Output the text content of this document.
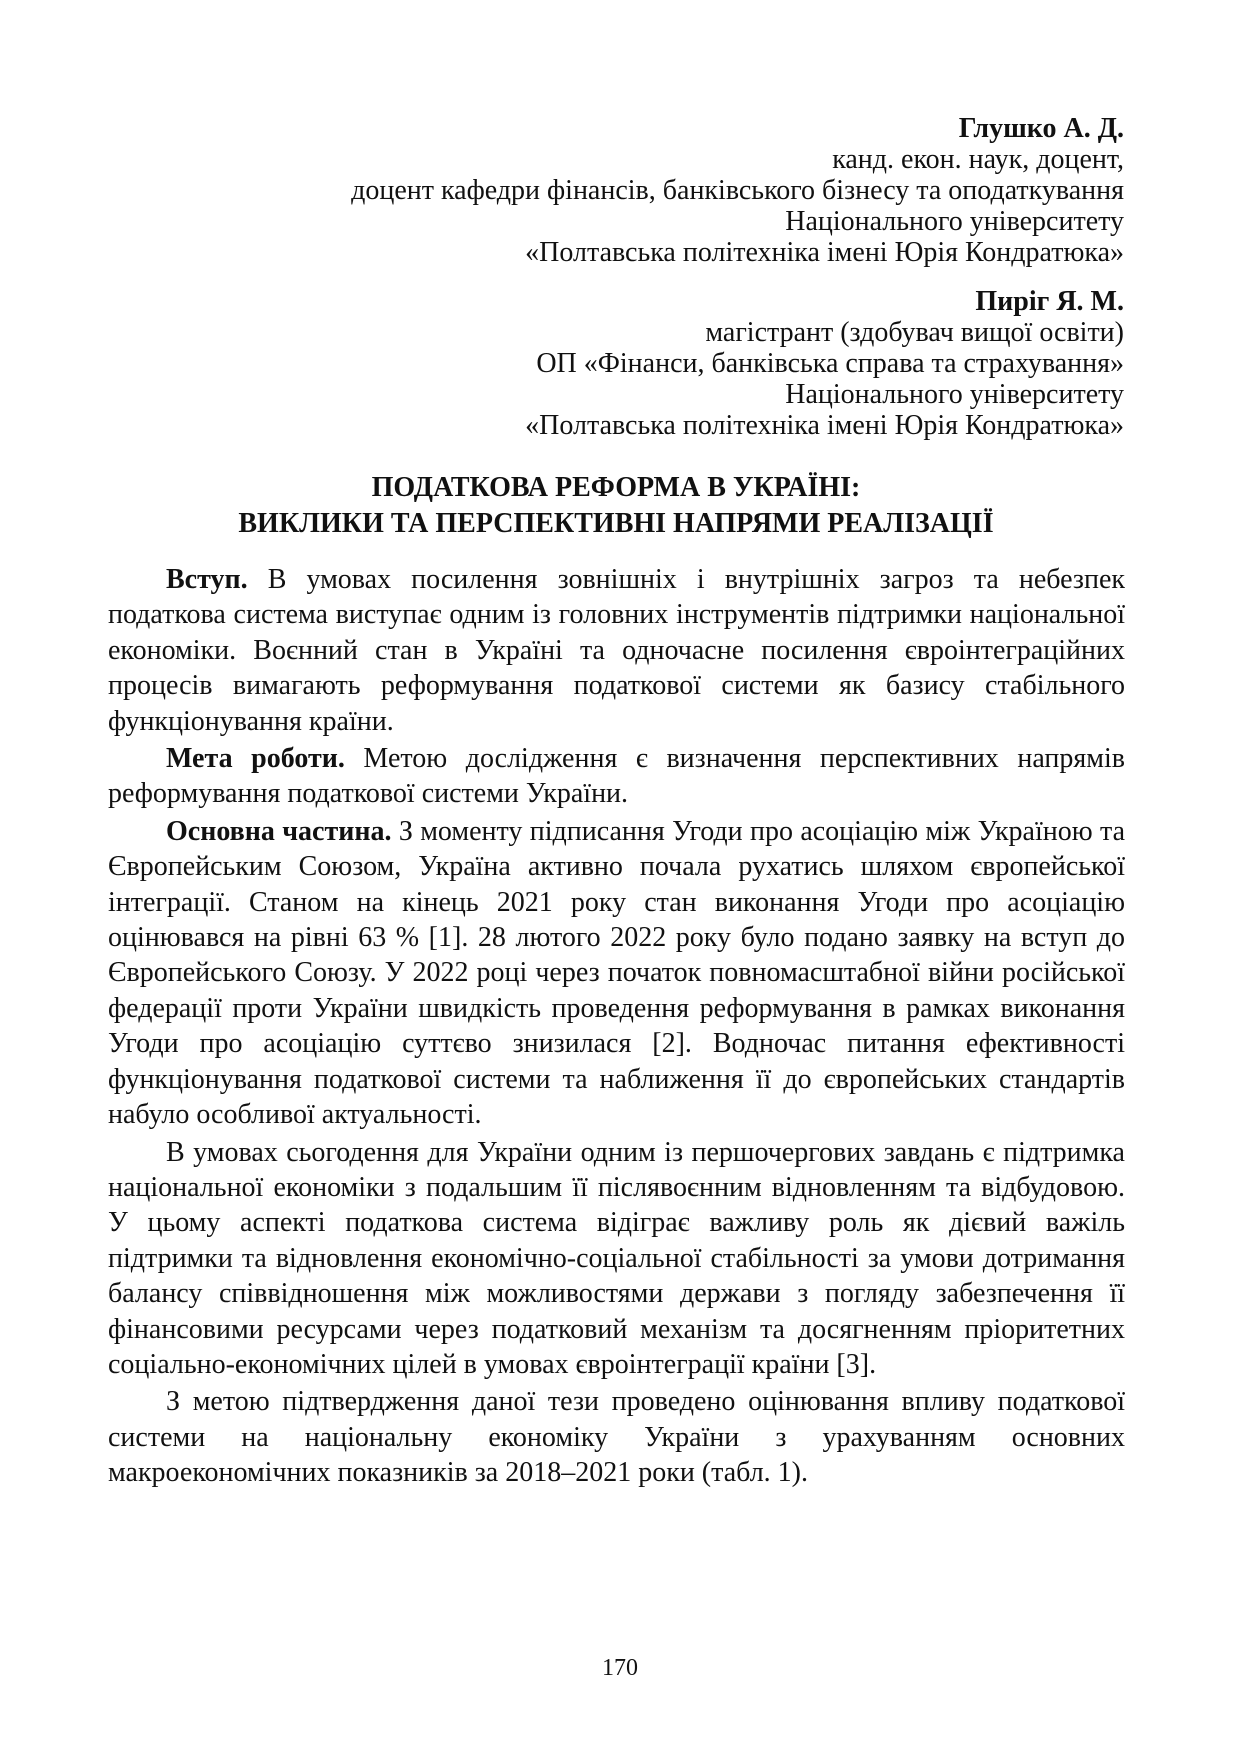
Глушко А. Д.
канд. екон. наук, доцент,
доцент кафедри фінансів, банківського бізнесу та оподаткування
Національного університету
«Полтавська політехніка імені Юрія Кондратюка»
Пиріг Я. М.
магістрант (здобувач вищої освіти)
ОП «Фінанси, банківська справа та страхування»
Національного університету
«Полтавська політехніка імені Юрія Кондратюка»
ПОДАТКОВА РЕФОРМА В УКРАЇНІ:
ВИКЛИКИ ТА ПЕРСПЕКТИВНІ НАПРЯМИ РЕАЛІЗАЦІЇ

Вступ. В умовах посилення зовнішніх і внутрішніх загроз та небезпек податкова система виступає одним із головних інструментів підтримки національної економіки. Воєнний стан в Україні та одночасне посилення євроінтеграційних процесів вимагають реформування податкової системи як базису стабільного функціонування країни.

Мета роботи. Метою дослідження є визначення перспективних напрямів реформування податкової системи України.

Основна частина. З моменту підписання Угоди про асоціацію між Україною та Європейським Союзом, Україна активно почала рухатись шляхом європейської інтеграції. Станом на кінець 2021 року стан виконання Угоди про асоціацію оцінювався на рівні 63 % [1]. 28 лютого 2022 року було подано заявку на вступ до Європейського Союзу. У 2022 році через початок повномасштабної війни російської федерації проти України швидкість проведення реформування в рамках виконання Угоди про асоціацію суттєво знизилася [2]. Водночас питання ефективності функціонування податкової системи та наближення її до європейських стандартів набуло особливої актуальності.

В умовах сьогодення для України одним із першочергових завдань є підтримка національної економіки з подальшим її післявоєнним відновленням та відбудовою. У цьому аспекті податкова система відіграє важливу роль як дієвий важіль підтримки та відновлення економічно-соціальної стабільності за умови дотримання балансу співвідношення між можливостями держави з погляду забезпечення її фінансовими ресурсами через податковий механізм та досягненням пріоритетних соціально-економічних цілей в умовах євроінтеграції країни [3].

З метою підтвердження даної тези проведено оцінювання впливу податкової системи на національну економіку України з урахуванням основних макроекономічних показників за 2018–2021 роки (табл. 1).

170
